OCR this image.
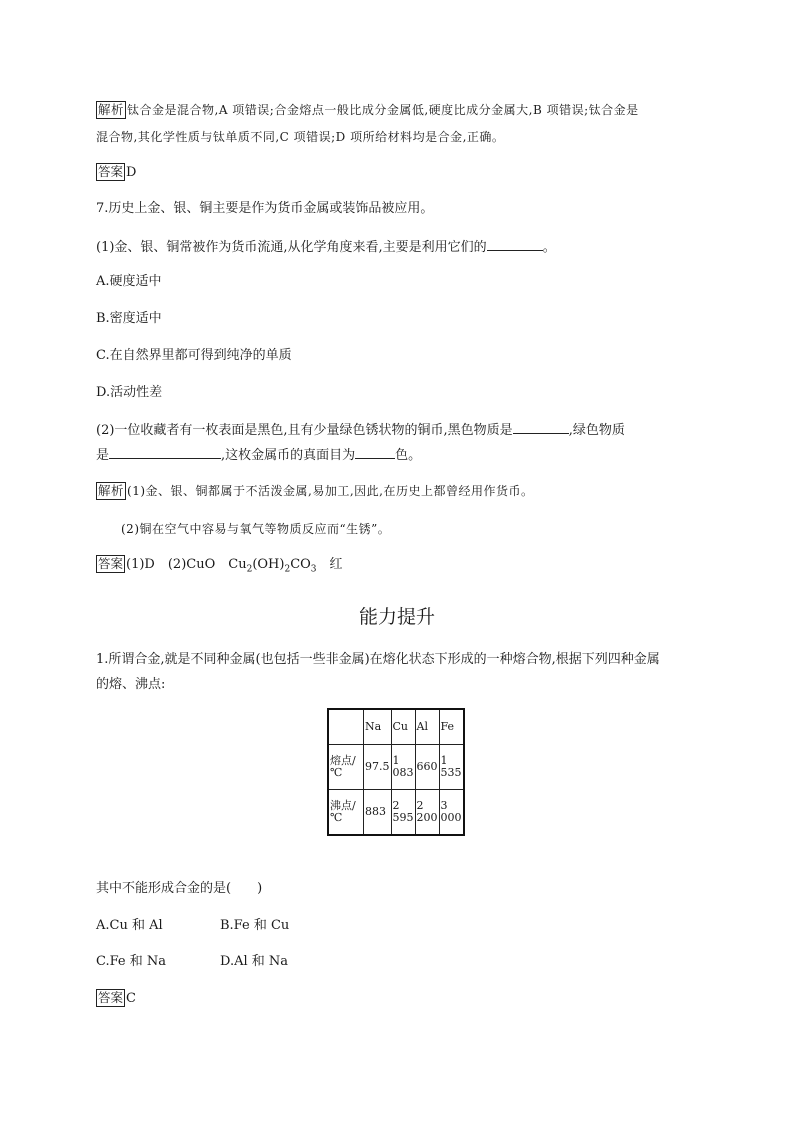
解析 钛合金是混合物,A 项错误;合金熔点一般比成分金属低,硬度比成分金属大,B 项错误;钛合金是
混合物,其化学性质与钛单质不同,C 项错误;D 项所给材料均是合金,正确。
答案 D
7.历史上金、银、铜主要是作为货币金属或装饰品被应用。
(1)金、银、铜常被作为货币流通,从化学角度来看,主要是利用它们的	。
A.硬度适中
B.密度适中
C.在自然界里都可得到纯净的单质
D.活动性差
(2)一位收藏者有一枚表面是黑色,且有少量绿色锈状物的铜币,黑色物质是	,绿色物质
是	,这枚金属币的真面目为	色。
解析 (1)金、银、铜都属于不活泼金属,易加工,因此,在历史上都曾经用作货币。
(2)铜在空气中容易与氧气等物质反应而“生锈”。
答案 (1)D　(2)CuO　$Cu_2(OH)_2CO_3$　红
能力提升
1.所谓合金,就是不同种金属(也包括一些非金属)在熔化状态下形成的一种熔合物,根据下列四种金属
的熔、沸点:
	Na	Cu	Al	Fe
熔点/℃	97.5	1 083	660	1 535
沸点/℃	883	2 595	2 200	3 000
其中不能形成合金的是(　　)
A.Cu 和 Al	B.Fe 和 Cu
C.Fe 和 Na	D.Al 和 Na
答案 C
